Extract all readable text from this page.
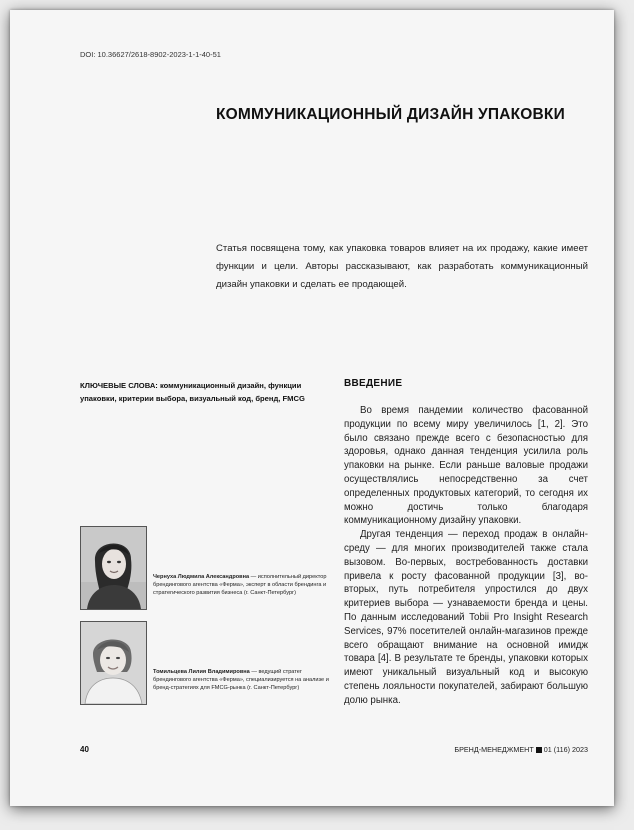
DOI: 10.36627/2618-8902-2023-1-1-40-51
КОММУНИКАЦИОННЫЙ ДИЗАЙН УПАКОВКИ

Статья посвящена тому, как упаковка товаров влияет на их продажу, какие имеет функции и цели. Авторы рассказывают, как разработать коммуникационный дизайн упаковки и сделать ее продающей.

КЛЮЧЕВЫЕ СЛОВА: коммуникационный дизайн, функции упаковки, критерии выбора, визуальный код, бренд, FMCG

Чернуха Людмила Александровна — исполнительный директор брендингового агентства «Ферма», эксперт в области брендинга и стратегического развития бизнеса (г. Санкт-Петербург)
Томильцева Лилия Владимировна — ведущий стратег брендингового агентства «Ферма», специализируется на анализе и бренд-стратегиях для FMCG-рынка (г. Санкт-Петербург)
ВВЕДЕНИЕ

Во время пандемии количество фасованной продукции по всему миру увеличилось [1, 2]. Это было связано прежде всего с безопасностью для здоровья, однако данная тенденция усилила роль упаковки на рынке. Если раньше валовые продажи осуществлялись непосредственно за счет определенных продуктовых категорий, то сегодня их можно достичь только благодаря коммуникационному дизайну упаковки.

Другая тенденция — переход продаж в онлайн-среду — для многих производителей также стала вызовом. Во-первых, востребованность доставки привела к росту фасованной продукции [3], во-вторых, путь потребителя упростился до двух критериев выбора — узнаваемости бренда и цены. По данным исследований Tobii Pro Insight Research Services, 97% посетителей онлайн-магазинов прежде всего обращают внимание на основной имидж товара [4]. В результате те бренды, упаковки которых имеют уникальный визуальный код и высокую степень лояльности покупателей, забирают большую долю рынка.

40	БРЕНД-МЕНЕДЖМЕНТ 01 (116) 2023
